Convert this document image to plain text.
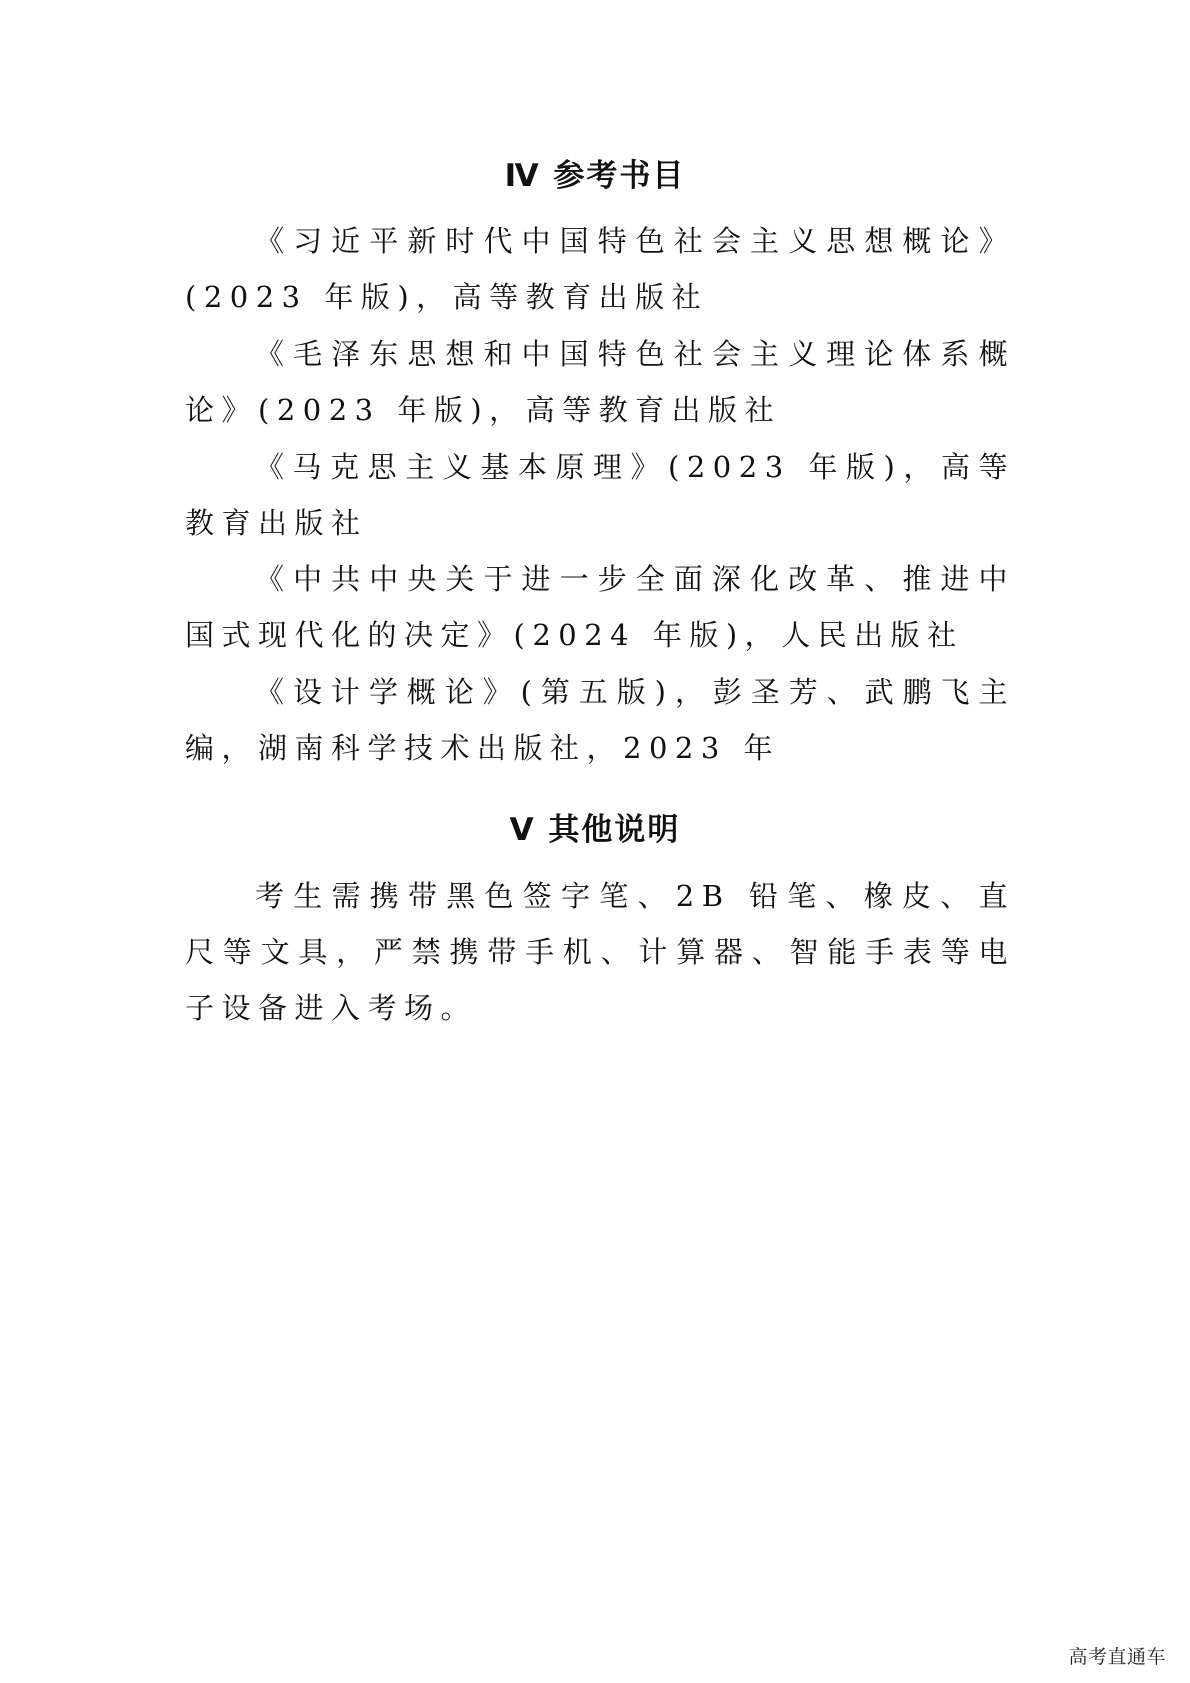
Ⅳ 参考书目
《习近平新时代中国特色社会主义思想概论》(2023 年版)，高等教育出版社
《毛泽东思想和中国特色社会主义理论体系概论》(2023 年版)，高等教育出版社
《马克思主义基本原理》(2023 年版)，高等教育出版社
《中共中央关于进一步全面深化改革、推进中国式现代化的决定》(2024 年版)，人民出版社
《设计学概论》(第五版)，彭圣芳、武鹏飞主编，湖南科学技术出版社，2023 年
Ⅴ 其他说明
考生需携带黑色签字笔、2B 铅笔、橡皮、直尺等文具，严禁携带手机、计算器、智能手表等电子设备进入考场。
高考直通车
